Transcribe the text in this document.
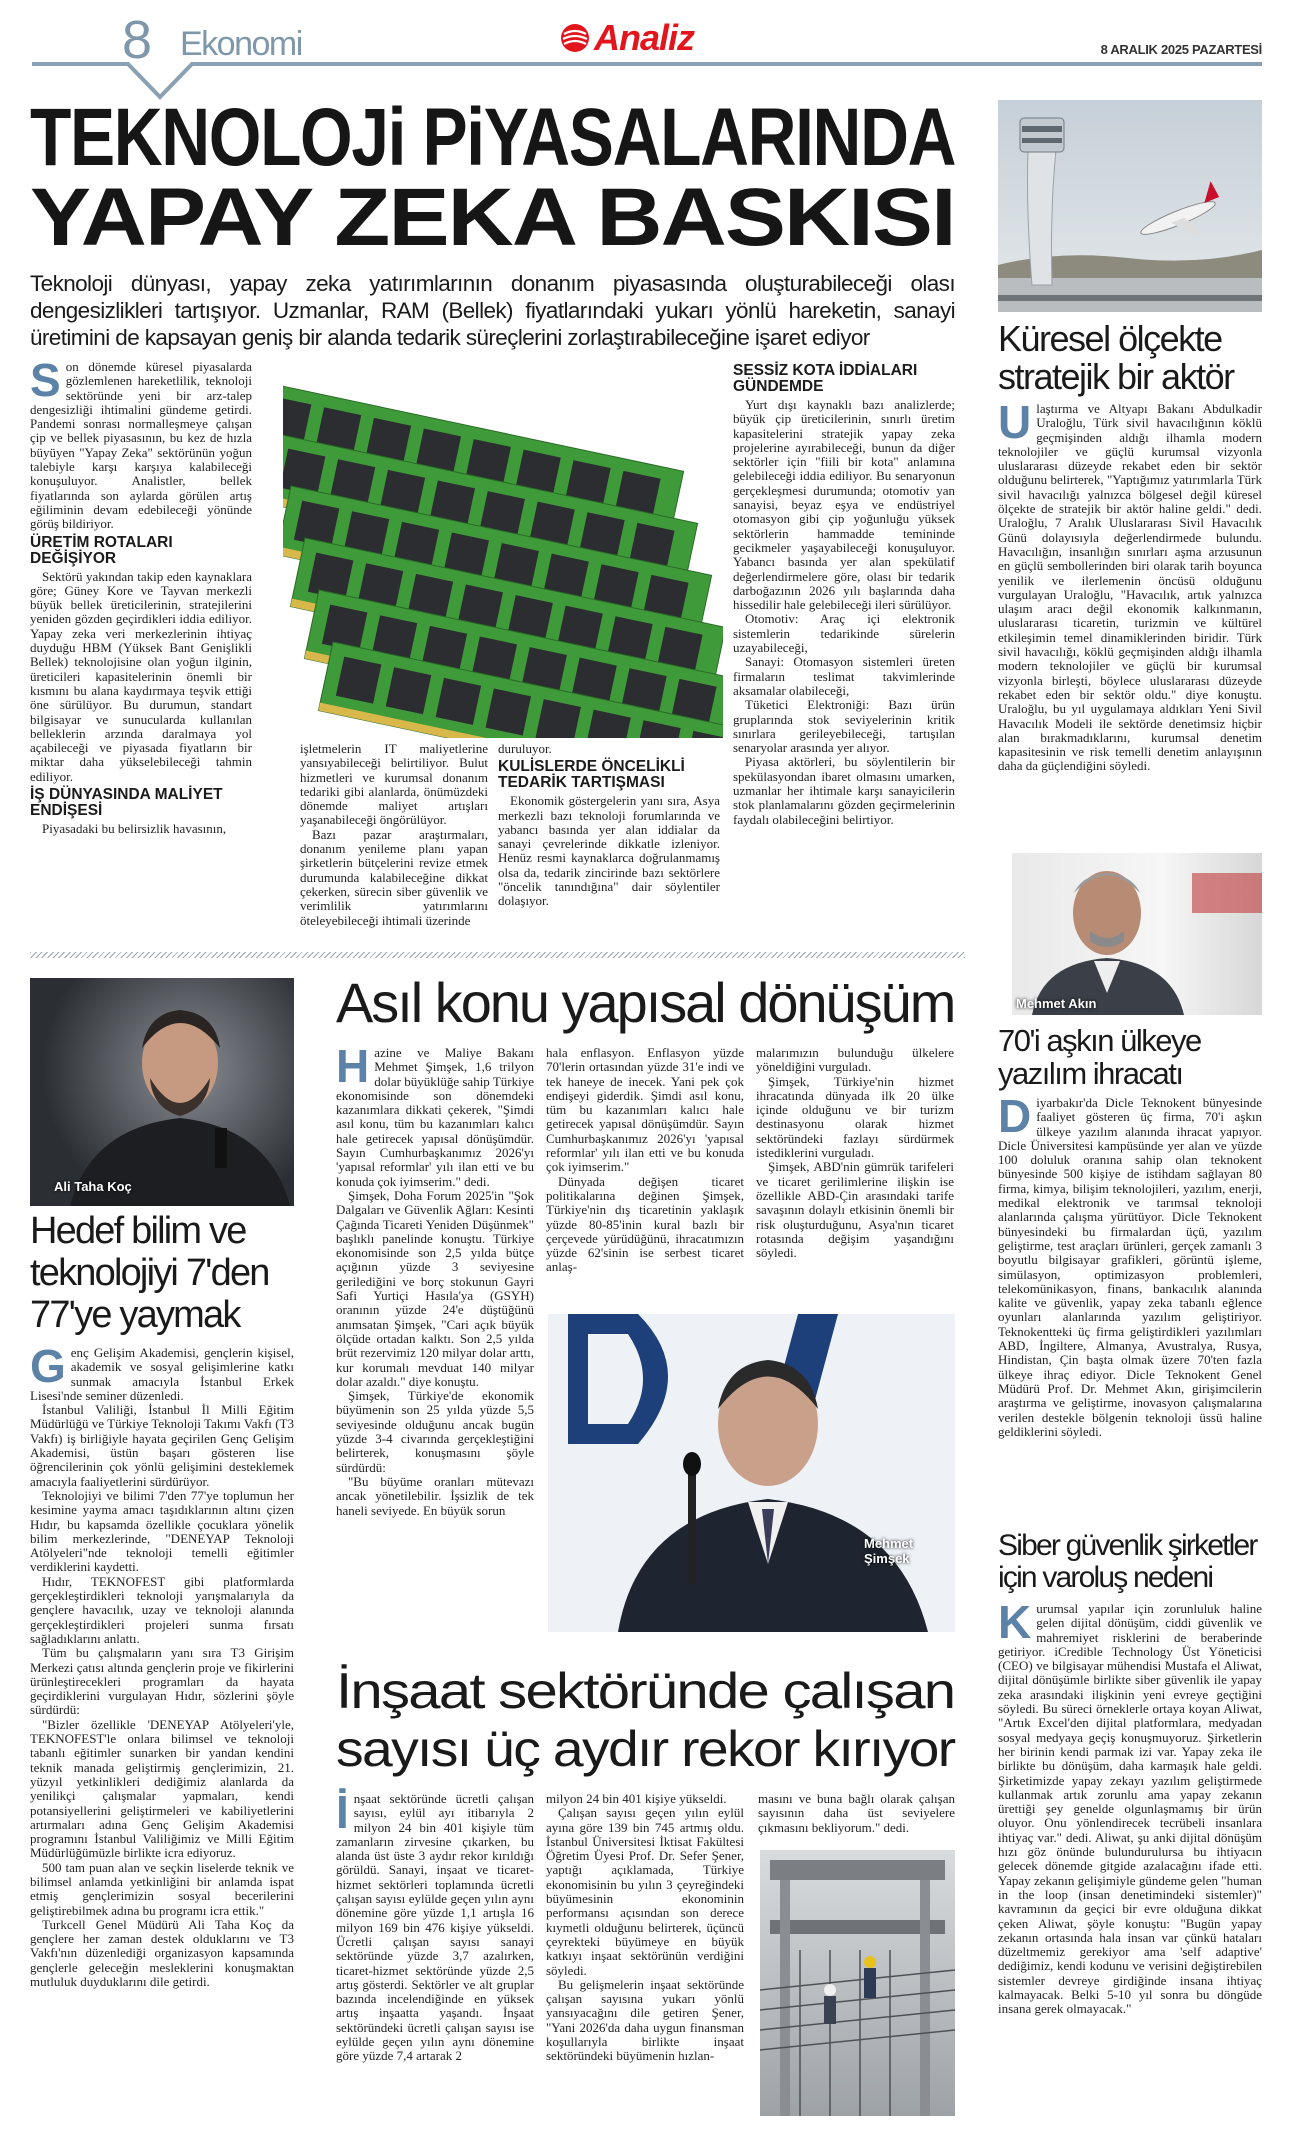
8 Ekonomi	Analiz	8 ARALIK 2025 PAZARTESİ
TEKNOLOJi PiYASALARINDA
YAPAY ZEKA BASKISI
Teknoloji dünyası, yapay zeka yatırımlarının donanım piyasasında oluşturabileceği olası dengesizlikleri tartışıyor. Uzmanlar, RAM (Bellek) fiyatlarındaki yukarı yönlü hareketin, sanayi üretimini de kapsayan geniş bir alanda tedarik süreçlerini zorlaştırabileceğine işaret ediyor

Son dönemde küresel piyasalarda gözlemlenen hareketlilik, teknoloji sektöründe yeni bir arz-talep dengesizliği ihtimalini gündeme getirdi. Pandemi sonrası normalleşmeye çalışan çip ve bellek piyasasının, bu kez de hızla büyüyen "Yapay Zeka" sektörünün yoğun talebiyle karşı karşıya kalabileceği konuşuluyor. Analistler, bellek fiyatlarında son aylarda görülen artış eğiliminin devam edebileceği yönünde görüş bildiriyor.

ÜRETİM ROTALARI DEĞİŞİYOR

Sektörü yakından takip eden kaynaklara göre; Güney Kore ve Tayvan merkezli büyük bellek üreticilerinin, stratejilerini yeniden gözden geçirdikleri iddia ediliyor. Yapay zeka veri merkezlerinin ihtiyaç duyduğu HBM (Yüksek Bant Genişlikli Bellek) teknolojisine olan yoğun ilginin, üreticileri kapasitelerinin önemli bir kısmını bu alana kaydırmaya teşvik ettiği öne sürülüyor. Bu durumun, standart bilgisayar ve sunucularda kullanılan belleklerin arzında daralmaya yol açabileceği ve piyasada fiyatların bir miktar daha yükselebileceği tahmin ediliyor.

İŞ DÜNYASINDA MALİYET ENDİŞESİ

Piyasadaki bu belirsizlik havasının,

işletmelerin IT maliyetlerine yansıyabileceği belirtiliyor. Bulut hizmetleri ve kurumsal donanım tedariki gibi alanlarda, önümüzdeki dönemde maliyet artışları yaşanabileceği öngörülüyor.

Bazı pazar araştırmaları, donanım yenileme planı yapan şirketlerin bütçelerini revize etmek durumunda kalabileceğine dikkat çekerken, sürecin siber güvenlik ve verimlilik yatırımlarını öteleyebileceği ihtimali üzerinde

duruluyor.

KULİSLERDE ÖNCELİKLİ TEDARİK TARTIŞMASI

Ekonomik göstergelerin yanı sıra, Asya merkezli bazı teknoloji forumlarında ve yabancı basında yer alan iddialar da sanayi çevrelerinde dikkatle izleniyor. Henüz resmi kaynaklarca doğrulanmamış olsa da, tedarik zincirinde bazı sektörlere "öncelik tanındığına" dair söylentiler dolaşıyor.

SESSİZ KOTA İDDİALARI GÜNDEMDE

Yurt dışı kaynaklı bazı analizlerde; büyük çip üreticilerinin, sınırlı üretim kapasitelerini stratejik yapay zeka projelerine ayırabileceği, bunun da diğer sektörler için "fiili bir kota" anlamına gelebileceği iddia ediliyor. Bu senaryonun gerçekleşmesi durumunda; otomotiv yan sanayisi, beyaz eşya ve endüstriyel otomasyon gibi çip yoğunluğu yüksek sektörlerin hammadde temininde gecikmeler yaşayabileceği konuşuluyor. Yabancı basında yer alan spekülatif değerlendirmelere göre, olası bir tedarik darboğazının 2026 yılı başlarında daha hissedilir hale gelebileceği ileri sürülüyor.

Otomotiv: Araç içi elektronik sistemlerin tedarikinde sürelerin uzayabileceği,

Sanayi: Otomasyon sistemleri üreten firmaların teslimat takvimlerinde aksamalar olabileceği,

Tüketici Elektroniği: Bazı ürün gruplarında stok seviyelerinin kritik sınırlara gerileyebileceği, tartışılan senaryolar arasında yer alıyor.

Piyasa aktörleri, bu söylentilerin bir spekülasyondan ibaret olmasını umarken, uzmanlar her ihtimale karşı sanayicilerin stok planlamalarını gözden geçirmelerinin faydalı olabileceğini belirtiyor.

Küresel ölçekte
stratejik bir aktör

Ulaştırma ve Altyapı Bakanı Abdulkadir Uraloğlu, Türk sivil havacılığının köklü geçmişinden aldığı ilhamla modern teknolojiler ve güçlü kurumsal vizyonla uluslararası düzeyde rekabet eden bir sektör olduğunu belirterek, "Yaptığımız yatırımlarla Türk sivil havacılığı yalnızca bölgesel değil küresel ölçekte de stratejik bir aktör haline geldi." dedi. Uraloğlu, 7 Aralık Uluslararası Sivil Havacılık Günü dolayısıyla değerlendirmede bulundu. Havacılığın, insanlığın sınırları aşma arzusunun en güçlü sembollerinden biri olarak tarih boyunca yenilik ve ilerlemenin öncüsü olduğunu vurgulayan Uraloğlu, "Havacılık, artık yalnızca ulaşım aracı değil ekonomik kalkınmanın, uluslararası ticaretin, turizmin ve kültürel etkileşimin temel dinamiklerinden biridir. Türk sivil havacılığı, köklü geçmişinden aldığı ilhamla modern teknolojiler ve güçlü bir kurumsal vizyonla birleşti, böylece uluslararası düzeyde rekabet eden bir sektör oldu." diye konuştu. Uraloğlu, bu yıl uygulamaya aldıkları Yeni Sivil Havacılık Modeli ile sektörde denetimsiz hiçbir alan bırakmadıklarını, kurumsal denetim kapasitesinin ve risk temelli denetim anlayışının daha da güçlendiğini söyledi.

Mehmet Akın
70'i aşkın ülkeye
yazılım ihracatı

Diyarbakır'da Dicle Teknokent bünyesinde faaliyet gösteren üç firma, 70'i aşkın ülkeye yazılım alanında ihracat yapıyor. Dicle Üniversitesi kampüsünde yer alan ve yüzde 100 doluluk oranına sahip olan teknokent bünyesinde 500 kişiye de istihdam sağlayan 80 firma, kimya, bilişim teknolojileri, yazılım, enerji, medikal elektronik ve tarımsal teknoloji alanlarında çalışma yürütüyor. Dicle Teknokent bünyesindeki bu firmalardan üçü, yazılım geliştirme, test araçları ürünleri, gerçek zamanlı 3 boyutlu bilgisayar grafikleri, görüntü işleme, simülasyon, optimizasyon problemleri, telekomünikasyon, finans, bankacılık alanında kalite ve güvenlik, yapay zeka tabanlı eğlence oyunları alanlarında yazılım geliştiriyor. Teknokentteki üç firma geliştirdikleri yazılımları ABD, İngiltere, Almanya, Avustralya, Rusya, Hindistan, Çin başta olmak üzere 70'ten fazla ülkeye ihraç ediyor. Dicle Teknokent Genel Müdürü Prof. Dr. Mehmet Akın, girişimcilerin araştırma ve geliştirme, inovasyon çalışmalarına verilen destekle bölgenin teknoloji üssü haline geldiklerini söyledi.

Siber güvenlik şirketler
için varoluş nedeni

Kurumsal yapılar için zorunluluk haline gelen dijital dönüşüm, ciddi güvenlik ve mahremiyet risklerini de beraberinde getiriyor. iCredible Technology Üst Yöneticisi (CEO) ve bilgisayar mühendisi Mustafa el Aliwat, dijital dönüşümle birlikte siber güvenlik ile yapay zeka arasındaki ilişkinin yeni evreye geçtiğini söyledi. Bu süreci örneklerle ortaya koyan Aliwat, "Artık Excel'den dijital platformlara, medyadan sosyal medyaya geçiş konuşmuyoruz. Şirketlerin her birinin kendi parmak izi var. Yapay zeka ile birlikte bu dönüşüm, daha karmaşık hale geldi. Şirketimizde yapay zekayı yazılım geliştirmede kullanmak artık zorunlu ama yapay zekanın ürettiği şey genelde olgunlaşmamış bir ürün oluyor. Onu yönlendirecek tecrübeli insanlara ihtiyaç var." dedi. Aliwat, şu anki dijital dönüşüm hızı göz önünde bulundurulursa bu ihtiyacın gelecek dönemde gitgide azalacağını ifade etti. Yapay zekanın gelişimiyle gündeme gelen "human in the loop (insan denetimindeki sistemler)" kavramının da geçici bir evre olduğuna dikkat çeken Aliwat, şöyle konuştu: "Bugün yapay zekanın ortasında hala insan var çünkü hataları düzeltmemiz gerekiyor ama 'self adaptive' dediğimiz, kendi kodunu ve verisini değiştirebilen sistemler devreye girdiğinde insana ihtiyaç kalmayacak. Belki 5-10 yıl sonra bu döngüde insana gerek olmayacak."

Ali Taha Koç
Hedef bilim ve
teknolojiyi 7'den
77'ye yaymak

Genç Gelişim Akademisi, gençlerin kişisel, akademik ve sosyal gelişimlerine katkı sunmak amacıyla İstanbul Erkek Lisesi'nde seminer düzenledi.

İstanbul Valiliği, İstanbul İl Milli Eğitim Müdürlüğü ve Türkiye Teknoloji Takımı Vakfı (T3 Vakfı) iş birliğiyle hayata geçirilen Genç Gelişim Akademisi, üstün başarı gösteren lise öğrencilerinin çok yönlü gelişimini desteklemek amacıyla faaliyetlerini sürdürüyor.

Teknolojiyi ve bilimi 7'den 77'ye toplumun her kesimine yayma amacı taşıdıklarının altını çizen Hıdır, bu kapsamda özellikle çocuklara yönelik bilim merkezlerinde, "DENEYAP Teknoloji Atölyeleri"nde teknoloji temelli eğitimler verdiklerini kaydetti.

Hıdır, TEKNOFEST gibi platformlarda gerçekleştirdikleri teknoloji yarışmalarıyla da gençlere havacılık, uzay ve teknoloji alanında gerçekleştirdikleri projeleri sunma fırsatı sağladıklarını anlattı.

Tüm bu çalışmaların yanı sıra T3 Girişim Merkezi çatısı altında gençlerin proje ve fikirlerini ürünleştirecekleri programları da hayata geçirdiklerini vurgulayan Hıdır, sözlerini şöyle sürdürdü:

"Bizler özellikle 'DENEYAP Atölyeleri'yle, TEKNOFEST'le onlara bilimsel ve teknoloji tabanlı eğitimler sunarken bir yandan kendini teknik manada geliştirmiş gençlerimizin, 21. yüzyıl yetkinlikleri dediğimiz alanlarda da yenilikçi çalışmalar yapmaları, kendi potansiyellerini geliştirmeleri ve kabiliyetlerini artırmaları adına Genç Gelişim Akademisi programını İstanbul Valiliğimiz ve Milli Eğitim Müdürlüğümüzle birlikte icra ediyoruz.

500 tam puan alan ve seçkin liselerde teknik ve bilimsel anlamda yetkinliğini bir anlamda ispat etmiş gençlerimizin sosyal becerilerini geliştirebilmek adına bu programı icra ettik."

Turkcell Genel Müdürü Ali Taha Koç da gençlere her zaman destek olduklarını ve T3 Vakfı'nın düzenlediği organizasyon kapsamında gençlerle geleceğin mesleklerini konuşmaktan mutluluk duyduklarını dile getirdi.

Asıl konu yapısal dönüşüm

Hazine ve Maliye Bakanı Mehmet Şimşek, 1,6 trilyon dolar büyüklüğe sahip Türkiye ekonomisinde son dönemdeki kazanımlara dikkati çekerek, "Şimdi asıl konu, tüm bu kazanımları kalıcı hale getirecek yapısal dönüşümdür. Sayın Cumhurbaşkanımız 2026'yı 'yapısal reformlar' yılı ilan etti ve bu konuda çok iyimserim." dedi.

Şimşek, Doha Forum 2025'in "Şok Dalgaları ve Güvenlik Ağları: Kesinti Çağında Ticareti Yeniden Düşünmek" başlıklı panelinde konuştu. Türkiye ekonomisinde son 2,5 yılda bütçe açığının yüzde 3 seviyesine gerilediğini ve borç stokunun Gayri Safi Yurtiçi Hasıla'ya (GSYH) oranının yüzde 24'e düştüğünü anımsatan Şimşek, "Cari açık büyük ölçüde ortadan kalktı. Son 2,5 yılda brüt rezervimiz 120 milyar dolar arttı, kur korumalı mevduat 140 milyar dolar azaldı." diye konuştu.

Şimşek, Türkiye'de ekonomik büyümenin son 25 yılda yüzde 5,5 seviyesinde olduğunu ancak bugün yüzde 3-4 civarında gerçekleştiğini belirterek, konuşmasını şöyle sürdürdü:

"Bu büyüme oranları mütevazı ancak yönetilebilir. İşsizlik de tek haneli seviyede. En büyük sorun

hala enflasyon. Enflasyon yüzde 70'lerin ortasından yüzde 31'e indi ve tek haneye de inecek. Yani pek çok endişeyi giderdik. Şimdi asıl konu, tüm bu kazanımları kalıcı hale getirecek yapısal dönüşümdür. Sayın Cumhurbaşkanımız 2026'yı 'yapısal reformlar' yılı ilan etti ve bu konuda çok iyimserim."

Dünyada değişen ticaret politikalarına değinen Şimşek, Türkiye'nin dış ticaretinin yaklaşık yüzde 80-85'inin kural bazlı bir çerçevede yürüdüğünü, ihracatımızın yüzde 62'sinin ise serbest ticaret anlaş-

malarımızın bulunduğu ülkelere yöneldiğini vurguladı.

Şimşek, Türkiye'nin hizmet ihracatında dünyada ilk 20 ülke içinde olduğunu ve bir turizm destinasyonu olarak hizmet sektöründeki fazlayı sürdürmek istediklerini vurguladı.

Şimşek, ABD'nin gümrük tarifeleri ve ticaret gerilimlerine ilişkin ise özellikle ABD-Çin arasındaki tarife savaşının dolaylı etkisinin önemli bir risk oluşturduğunu, Asya'nın ticaret rotasında değişim yaşandığını söyledi.

Mehmet
Şimşek
İnşaat sektöründe çalışan
sayısı üç aydır rekor kırıyor

İnşaat sektöründe ücretli çalışan sayısı, eylül ayı itibarıyla 2 milyon 24 bin 401 kişiyle tüm zamanların zirvesine çıkarken, bu alanda üst üste 3 aydır rekor kırıldığı görüldü. Sanayi, inşaat ve ticaret-hizmet sektörleri toplamında ücretli çalışan sayısı eylülde geçen yılın aynı dönemine göre yüzde 1,1 artışla 16 milyon 169 bin 476 kişiye yükseldi. Ücretli çalışan sayısı sanayi sektöründe yüzde 3,7 azalırken, ticaret-hizmet sektöründe yüzde 2,5 artış gösterdi. Sektörler ve alt gruplar bazında incelendiğinde en yüksek artış inşaatta yaşandı. İnşaat sektöründeki ücretli çalışan sayısı ise eylülde geçen yılın aynı dönemine göre yüzde 7,4 artarak 2

milyon 24 bin 401 kişiye yükseldi.

Çalışan sayısı geçen yılın eylül ayına göre 139 bin 745 artmış oldu. İstanbul Üniversitesi İktisat Fakültesi Öğretim Üyesi Prof. Dr. Sefer Şener, yaptığı açıklamada, Türkiye ekonomisinin bu yılın 3 çeyreğindeki büyümesinin ekonominin performansı açısından son derece kıymetli olduğunu belirterek, üçüncü çeyrekteki büyümeye en büyük katkıyı inşaat sektörünün verdiğini söyledi.

Bu gelişmelerin inşaat sektöründe çalışan sayısına yukarı yönlü yansıyacağını dile getiren Şener, "Yani 2026'da daha uygun finansman koşullarıyla birlikte inşaat sektöründeki büyümenin hızlan-

masını ve buna bağlı olarak çalışan sayısının daha üst seviyelere çıkmasını bekliyorum." dedi.
